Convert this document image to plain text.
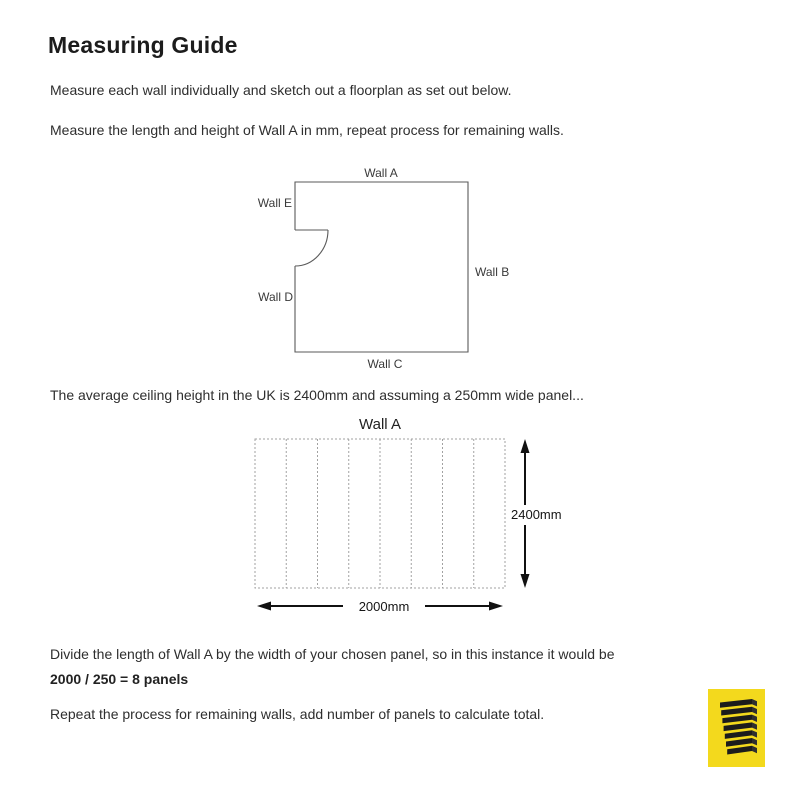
Measuring Guide
Measure each wall individually and sketch out a floorplan as set out below.
Measure the length and height of Wall A in mm, repeat process for remaining walls.
Wall A
Wall E
Wall B
Wall D
Wall C
The average ceiling height in the UK is 2400mm and assuming a 250mm wide panel...
Wall A
2400mm
2000mm
Divide the length of Wall A by the width of your chosen panel, so in this instance it would be
2000 / 250 = 8 panels
Repeat the process for remaining walls, add number of panels to calculate total.
